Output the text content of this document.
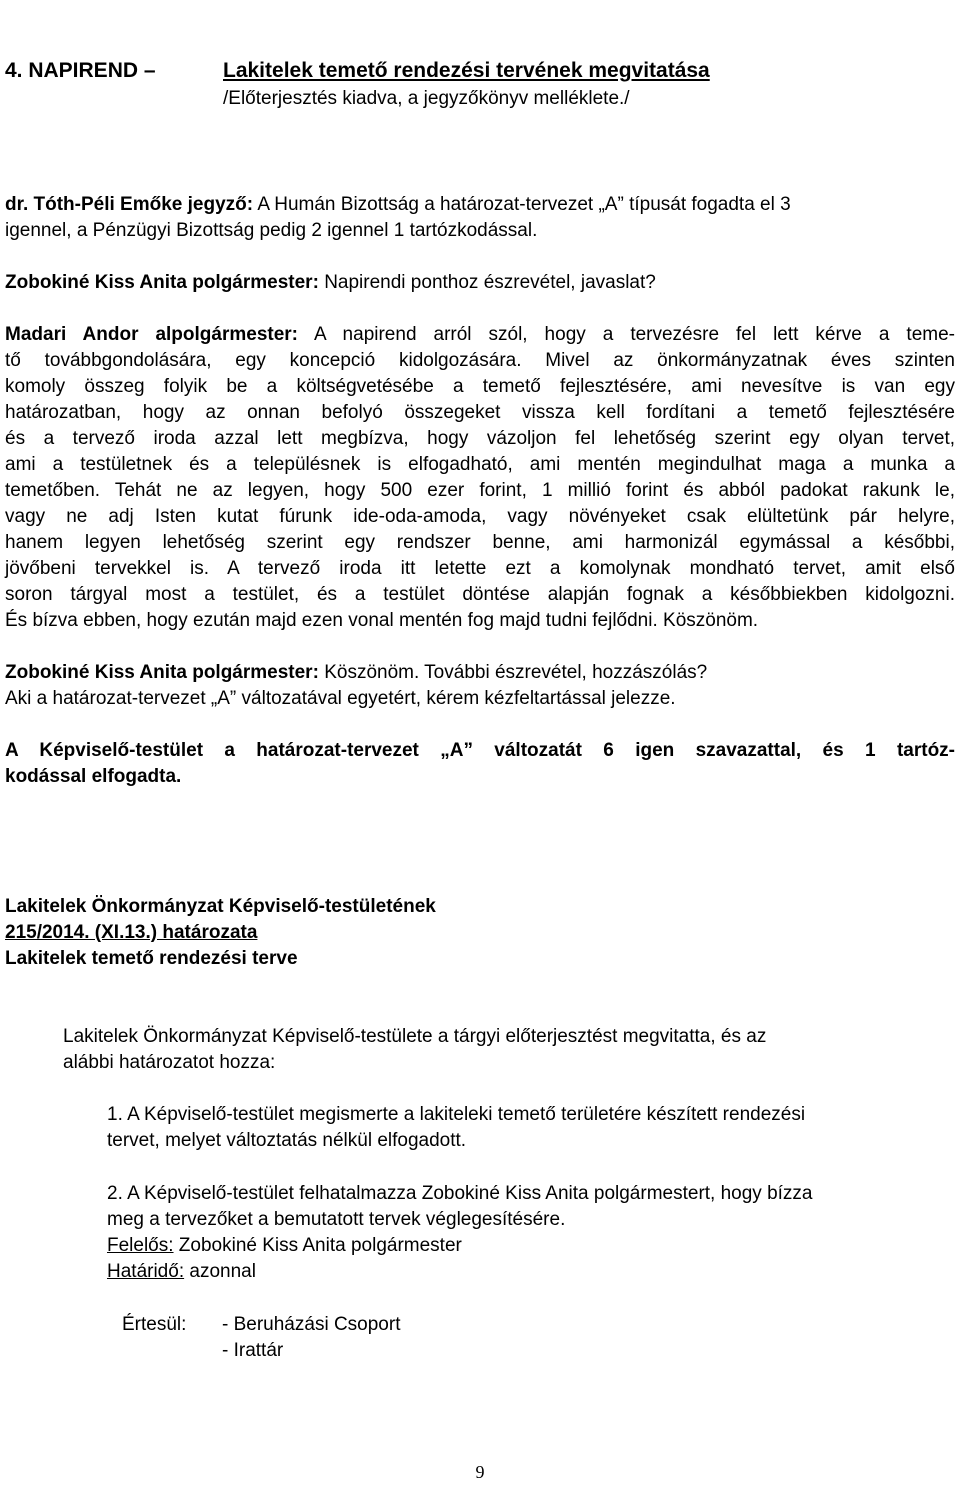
4. NAPIREND –	Lakitelek temető rendezési tervének megvitatása
/Előterjesztés kiadva, a jegyzőkönyv melléklete./
dr. Tóth-Péli Emőke jegyző: A Humán Bizottság a határozat-tervezet „A” típusát fogadta el 3
igennel, a Pénzügyi Bizottság pedig 2 igennel 1 tartózkodással.
Zobokiné Kiss Anita polgármester: Napirendi ponthoz észrevétel, javaslat?
Madari Andor alpolgármester: A napirend arról szól, hogy a tervezésre fel lett kérve a teme-
tő továbbgondolására, egy koncepció kidolgozására. Mivel az önkormányzatnak éves szinten
komoly összeg folyik be a költségvetésébe a temető fejlesztésére, ami nevesítve is van egy
határozatban, hogy az onnan befolyó összegeket vissza kell fordítani a temető fejlesztésére
és a tervező iroda azzal lett megbízva, hogy vázoljon fel lehetőség szerint egy olyan tervet,
ami a testületnek és a településnek is elfogadható, ami mentén megindulhat maga a munka a
temetőben. Tehát ne az legyen, hogy 500 ezer forint, 1 millió forint és abból padokat rakunk le,
vagy ne adj Isten kutat fúrunk ide-oda-amoda, vagy növényeket csak elültetünk pár helyre,
hanem legyen lehetőség szerint egy rendszer benne, ami harmonizál egymással a későbbi,
jövőbeni tervekkel is. A tervező iroda itt letette ezt a komolynak mondható tervet, amit első
soron tárgyal most a testület, és a testület döntése alapján fognak a későbbiekben kidolgozni.
És bízva ebben, hogy ezután majd ezen vonal mentén fog majd tudni fejlődni. Köszönöm.
Zobokiné Kiss Anita polgármester: Köszönöm. További észrevétel, hozzászólás?
Aki a határozat-tervezet „A” változatával egyetért, kérem kézfeltartással jelezze.
A Képviselő-testület a határozat-tervezet „A” változatát 6 igen szavazattal, és 1 tartóz-
kodással elfogadta.
Lakitelek Önkormányzat Képviselő-testületének
215/2014. (XI.13.) határozata
Lakitelek temető rendezési terve
Lakitelek Önkormányzat Képviselő-testülete a tárgyi előterjesztést megvitatta, és az
alábbi határozatot hozza:
1. A Képviselő-testület megismerte a lakiteleki temető területére készített rendezési
tervet, melyet változtatás nélkül elfogadott.
2. A Képviselő-testület felhatalmazza Zobokiné Kiss Anita polgármestert, hogy bízza
meg a tervezőket a bemutatott tervek véglegesítésére.
Felelős: Zobokiné Kiss Anita polgármester
Határidő: azonnal
Értesül: - Beruházási Csoport
- Irattár
9
